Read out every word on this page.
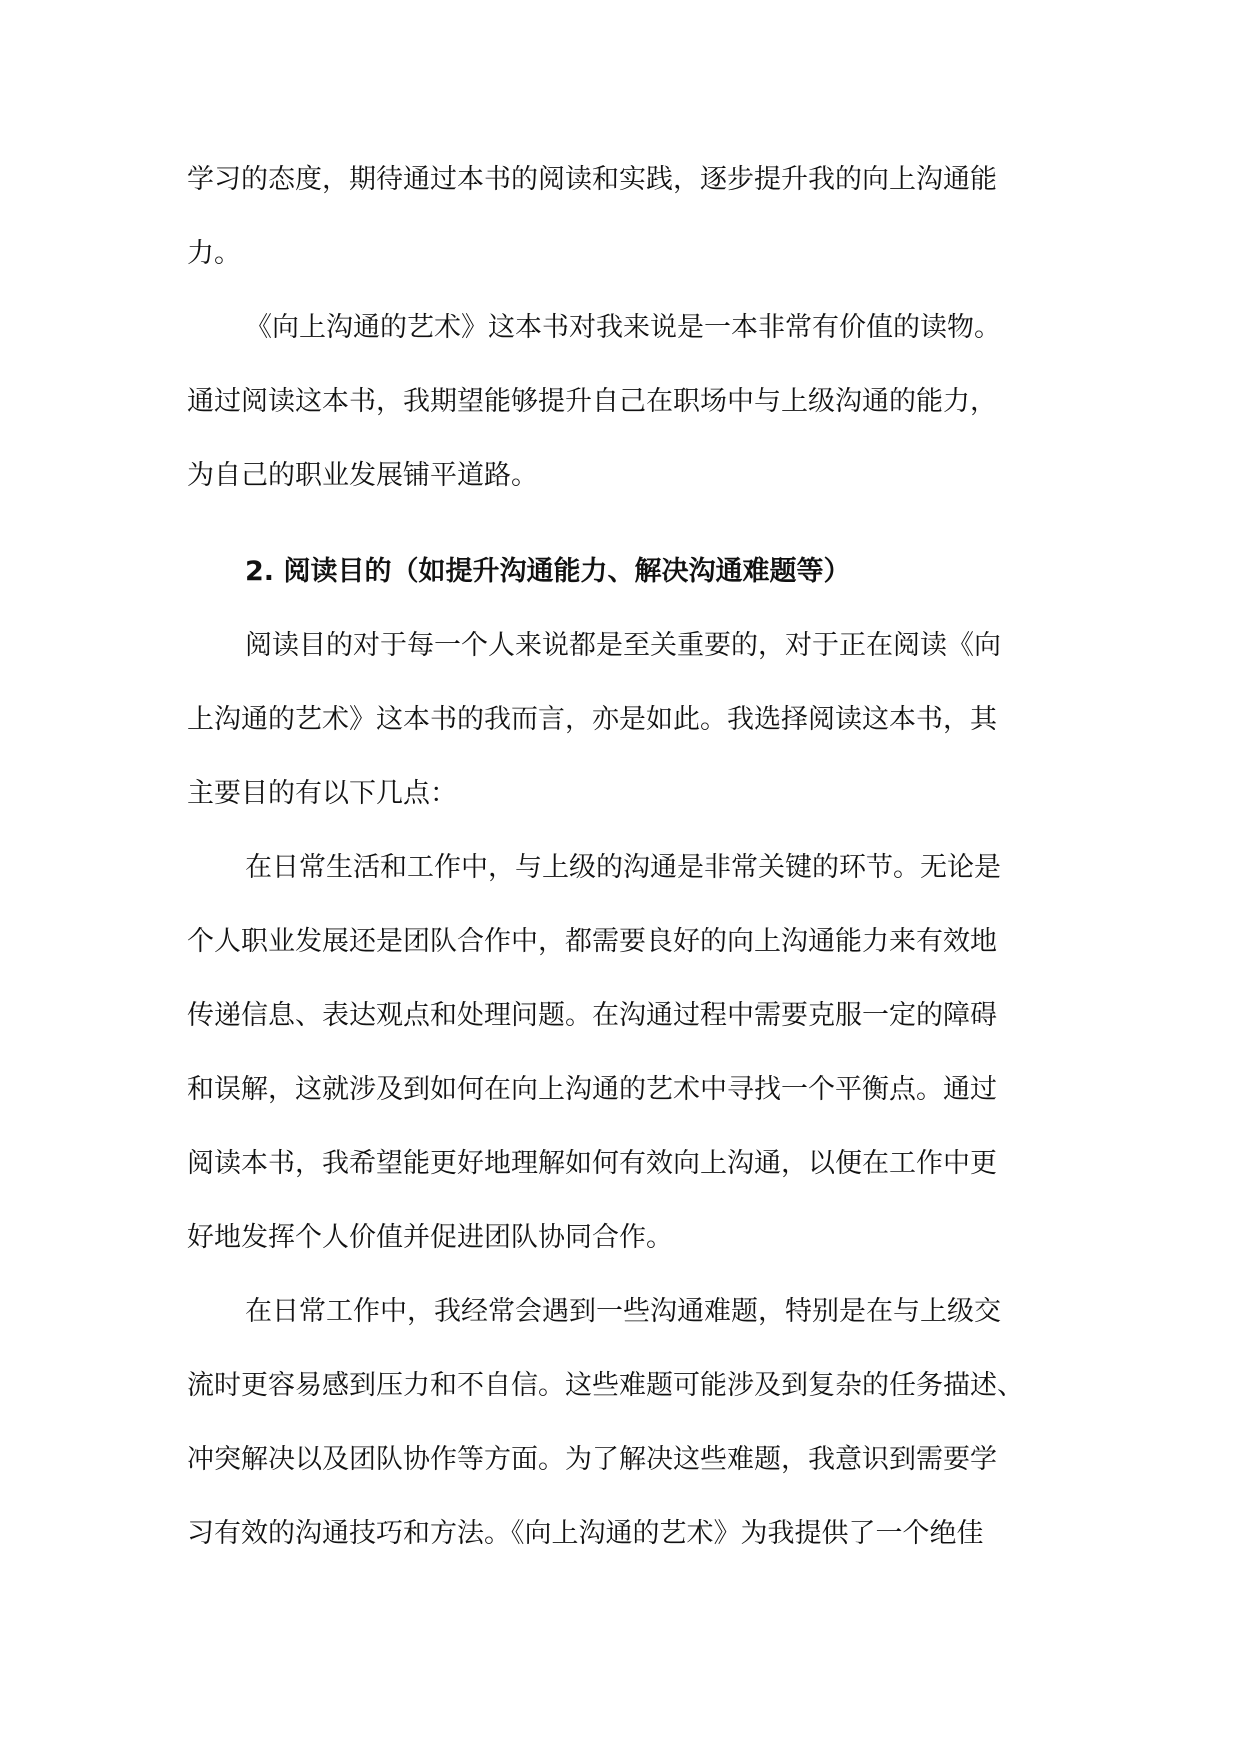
学习的态度，期待通过本书的阅读和实践，逐步提升我的向上沟通能
力。
《向上沟通的艺术》这本书对我来说是一本非常有价值的读物。
通过阅读这本书，我期望能够提升自己在职场中与上级沟通的能力，
为自己的职业发展铺平道路。
2. 阅读目的（如提升沟通能力、解决沟通难题等）
阅读目的对于每一个人来说都是至关重要的，对于正在阅读《向
上沟通的艺术》这本书的我而言，亦是如此。我选择阅读这本书，其
主要目的有以下几点：
在日常生活和工作中，与上级的沟通是非常关键的环节。无论是
个人职业发展还是团队合作中，都需要良好的向上沟通能力来有效地
传递信息、表达观点和处理问题。在沟通过程中需要克服一定的障碍
和误解，这就涉及到如何在向上沟通的艺术中寻找一个平衡点。通过
阅读本书，我希望能更好地理解如何有效向上沟通，以便在工作中更
好地发挥个人价值并促进团队协同合作。
在日常工作中，我经常会遇到一些沟通难题，特别是在与上级交
流时更容易感到压力和不自信。这些难题可能涉及到复杂的任务描述、
冲突解决以及团队协作等方面。为了解决这些难题，我意识到需要学
习有效的沟通技巧和方法。《向上沟通的艺术》为我提供了一个绝佳
